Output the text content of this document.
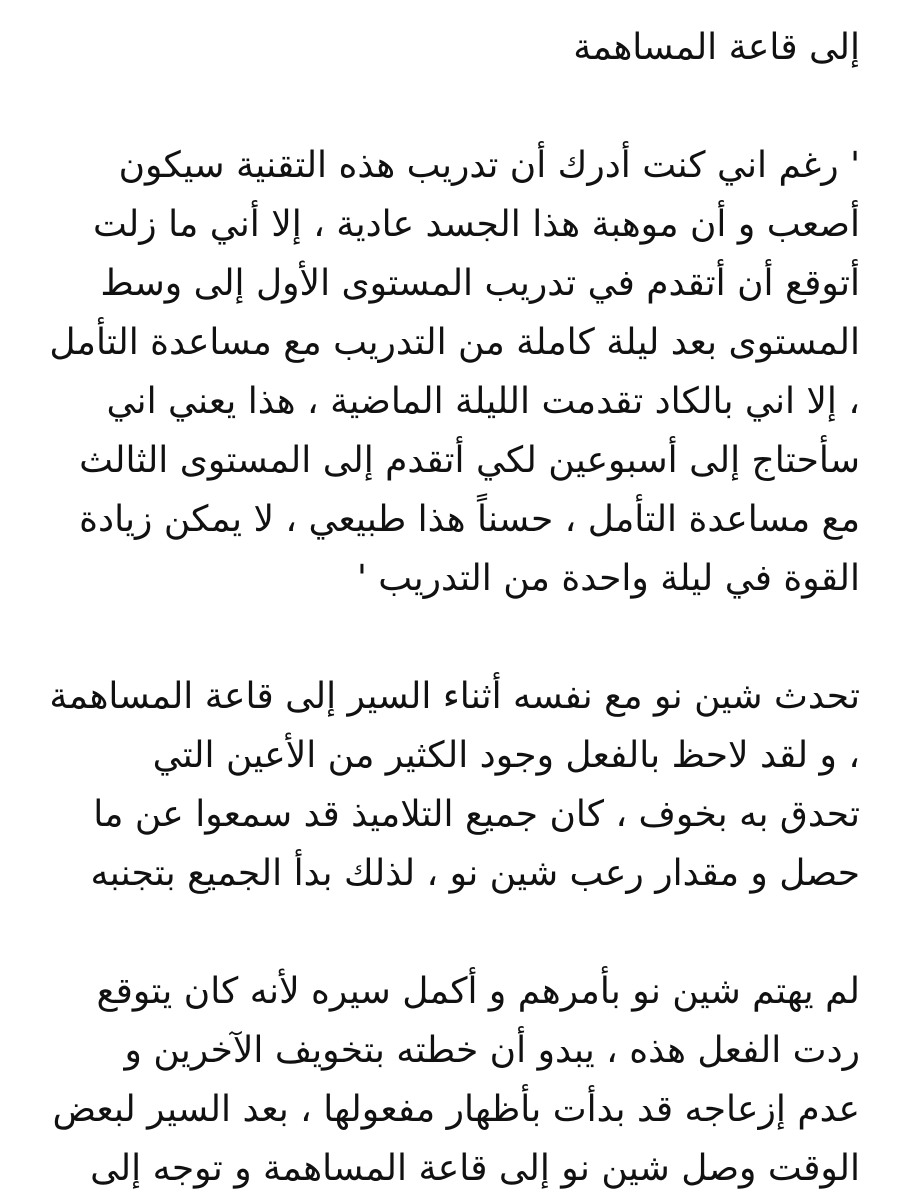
إلى قاعة المساهمة
' رغم اني كنت أدرك أن تدريب هذه التقنية سيكون
أصعب و أن موهبة هذا الجسد عادية ، إلا أني ما زلت
أتوقع أن أتقدم في تدريب المستوى الأول إلى وسط
المستوى بعد ليلة كاملة من التدريب مع مساعدة التأمل
، إلا اني بالكاد تقدمت الليلة الماضية ، هذا يعني اني
سأحتاج إلى أسبوعين لكي أتقدم إلى المستوى الثالث
مع مساعدة التأمل ، حسناً هذا طبيعي ، لا يمكن زيادة
القوة في ليلة واحدة من التدريب '
تحدث شين نو مع نفسه أثناء السير إلى قاعة المساهمة
، و لقد لاحظ بالفعل وجود الكثير من الأعين التي
تحدق به بخوف ، كان جميع التلاميذ قد سمعوا عن ما
حصل و مقدار رعب شين نو ، لذلك بدأ الجميع بتجنبه
لم يهتم شين نو بأمرهم و أكمل سيره لأنه كان يتوقع
ردت الفعل هذه ، يبدو أن خطته بتخويف الآخرين و
عدم إزعاجه قد بدأت بأظهار مفعولها ، بعد السير لبعض
الوقت وصل شين نو إلى قاعة المساهمة و توجه إلى
